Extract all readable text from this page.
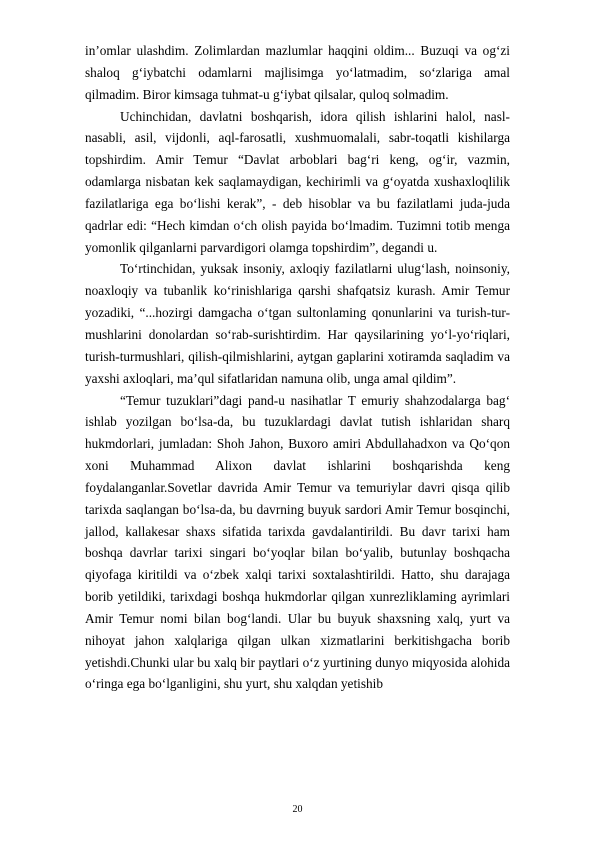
in’omlar ulashdim. Zolimlardan mazlumlar haqqini oldim... Buzuqi va og‘zi shaloq g‘iybatchi odamlarni majlisimga yo‘latmadim, so‘zlariga amal qilmadim. Biror kimsaga tuhmat-u g‘iybat qilsalar, quloq solmadim.

Uchinchidan, davlatni boshqarish, idora qilish ishlarini halol, nasl-nasabli, asil, vijdonli, aql-farosatli, xushmuomalali, sabr-toqatli kishilarga topshirdim. Amir Temur “Davlat arboblari bag‘ri keng, og‘ir, vazmin, odamlarga nisbatan kek saqlamaydigan, kechirimli va g‘oyatda xushaxloqlilik fazilatlariga ega bo‘lishi kerak”, - deb hisoblar va bu fazilatlami juda-juda qadrlar edi: “Hech kimdan o‘ch olish payida bo‘lmadim. Tuzimni totib menga yomonlik qilganlarni parvardigori olamga topshirdim”, degandi u.

To‘rtinchidan, yuksak insoniy, axloqiy fazilatlarni ulug‘lash, noinsoniy, noaxloqiy va tubanlik ko‘rinishlariga qarshi shafqatsiz kurash. Amir Temur yozadiki, “...hozirgi damgacha o‘tgan sultonlaming qonunlarini va turish-tur-mushlarini donolardan so‘rab-surishtirdim. Har qaysilarining yo‘l-yo‘riqlari, turish-turmushlari, qilish-qilmishlarini, aytgan gaplarini xotiramda saqladim va yaxshi axloqlari, ma’qul sifatlaridan namuna olib, unga amal qildim”.

“Temur tuzuklari”dagi pand-u nasihatlar T emuriy shahzodalarga bag‘ ishlab yozilgan bo‘lsa-da, bu tuzuklardagi davlat tutish ishlaridan sharq hukmdorlari, jumladan: Shoh Jahon, Buxoro amiri Abdullahadxon va Qo‘qon xoni Muhammad Alixon davlat ishlarini boshqarishda keng foydalanganlar.Sovetlar davrida Amir Temur va temuriylar davri qisqa qilib tarixda saqlangan bo‘lsa-da, bu davrning buyuk sardori Amir Temur bosqinchi, jallod, kallakesar shaxs sifatida tarixda gavdalantirildi. Bu davr tarixi ham boshqa davrlar tarixi singari bo‘yoqlar bilan bo‘yalib, butunlay boshqacha qiyofaga kiritildi va o‘zbek xalqi tarixi soxtalashtirildi. Hatto, shu darajaga borib yetildiki, tarixdagi boshqa hukmdorlar qilgan xunrezliklaming ayrimlari Amir Temur nomi bilan bog‘landi. Ular bu buyuk shaxsning xalq, yurt va nihoyat jahon xalqlariga qilgan ulkan xizmatlarini berkitishgacha borib yetishdi.Chunki ular bu xalq bir paytlari o‘z yurtining dunyo miqyosida alohida o‘ringa ega bo‘lganligini, shu yurt, shu xalqdan yetishib

20
